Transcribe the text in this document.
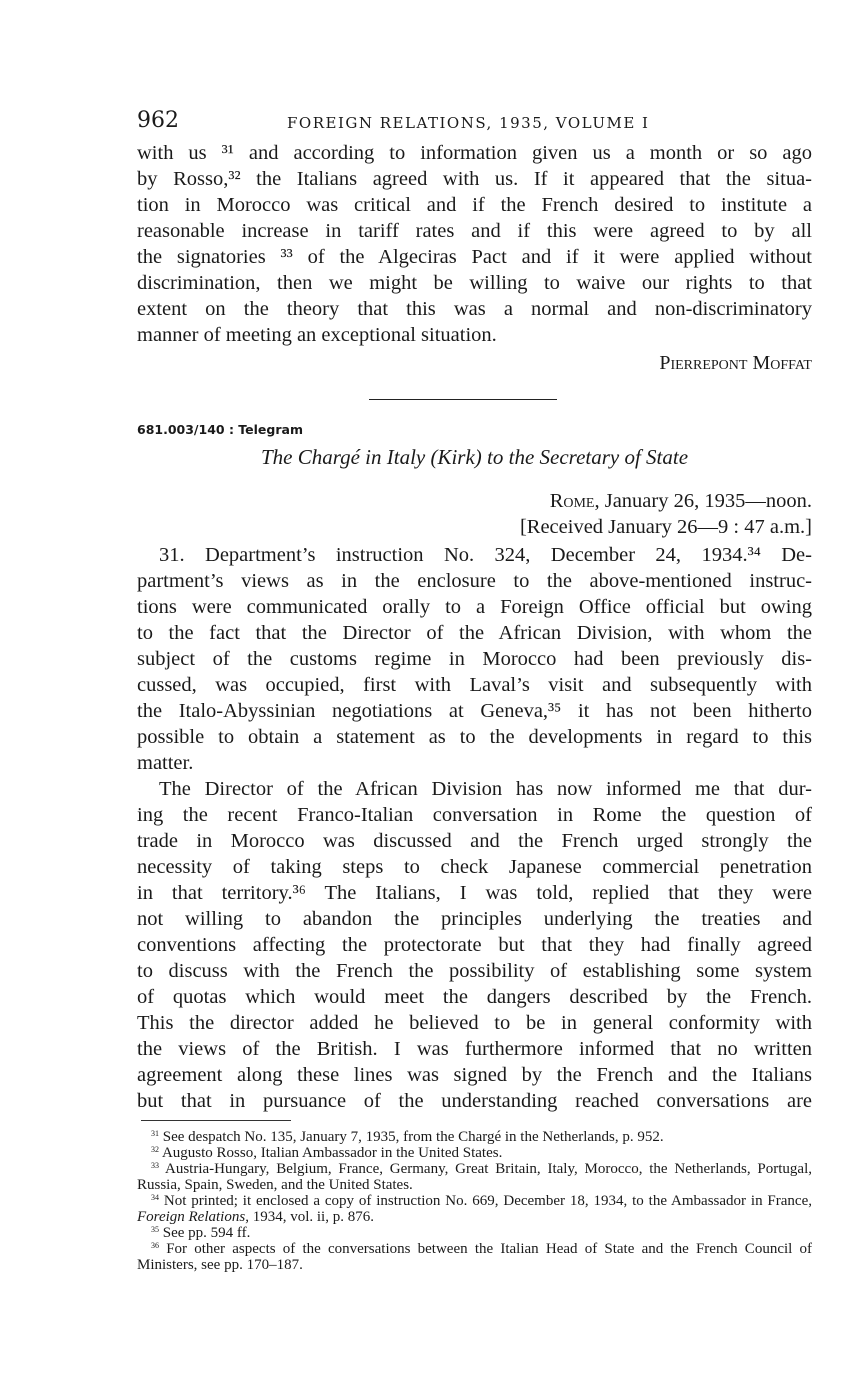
962	FOREIGN RELATIONS, 1935, VOLUME I

with us ³¹ and according to information given us a month or so ago
by Rosso,³² the Italians agreed with us. If it appeared that the situa-
tion in Morocco was critical and if the French desired to institute a
reasonable increase in tariff rates and if this were agreed to by all
the signatories ³³ of the Algeciras Pact and if it were applied without
discrimination, then we might be willing to waive our rights to that
extent on the theory that this was a normal and non-discriminatory
manner of meeting an exceptional situation.

Pierrepont Moffat

681.003/140 : Telegram

The Chargé in Italy (Kirk) to the Secretary of State
Rome, January 26, 1935—noon.
[Received January 26—9 : 47 a.m.]

31. Department’s instruction No. 324, December 24, 1934.³⁴ De-
partment’s views as in the enclosure to the above-mentioned instruc-
tions were communicated orally to a Foreign Office official but owing
to the fact that the Director of the African Division, with whom the
subject of the customs regime in Morocco had been previously dis-
cussed, was occupied, first with Laval’s visit and subsequently with
the Italo-Abyssinian negotiations at Geneva,³⁵ it has not been hitherto
possible to obtain a statement as to the developments in regard to this
matter.

The Director of the African Division has now informed me that dur-
ing the recent Franco-Italian conversation in Rome the question of
trade in Morocco was discussed and the French urged strongly the
necessity of taking steps to check Japanese commercial penetration
in that territory.³⁶ The Italians, I was told, replied that they were
not willing to abandon the principles underlying the treaties and
conventions affecting the protectorate but that they had finally agreed
to discuss with the French the possibility of establishing some system
of quotas which would meet the dangers described by the French.
This the director added he believed to be in general conformity with
the views of the British. I was furthermore informed that no written
agreement along these lines was signed by the French and the Italians
but that in pursuance of the understanding reached conversations are

$^{31}$ See despatch No. 135, January 7, 1935, from the Chargé in the Netherlands, p. 952.

$^{32}$ Augusto Rosso, Italian Ambassador in the United States.

$^{33}$ Austria-Hungary, Belgium, France, Germany, Great Britain, Italy, Morocco, the Netherlands, Portugal, Russia, Spain, Sweden, and the United States.

$^{34}$ Not printed; it enclosed a copy of instruction No. 669, December 18, 1934, to the Ambassador in France, Foreign Relations, 1934, vol. ii, p. 876.

$^{35}$ See pp. 594 ff.

$^{36}$ For other aspects of the conversations between the Italian Head of State and the French Council of Ministers, see pp. 170–187.
